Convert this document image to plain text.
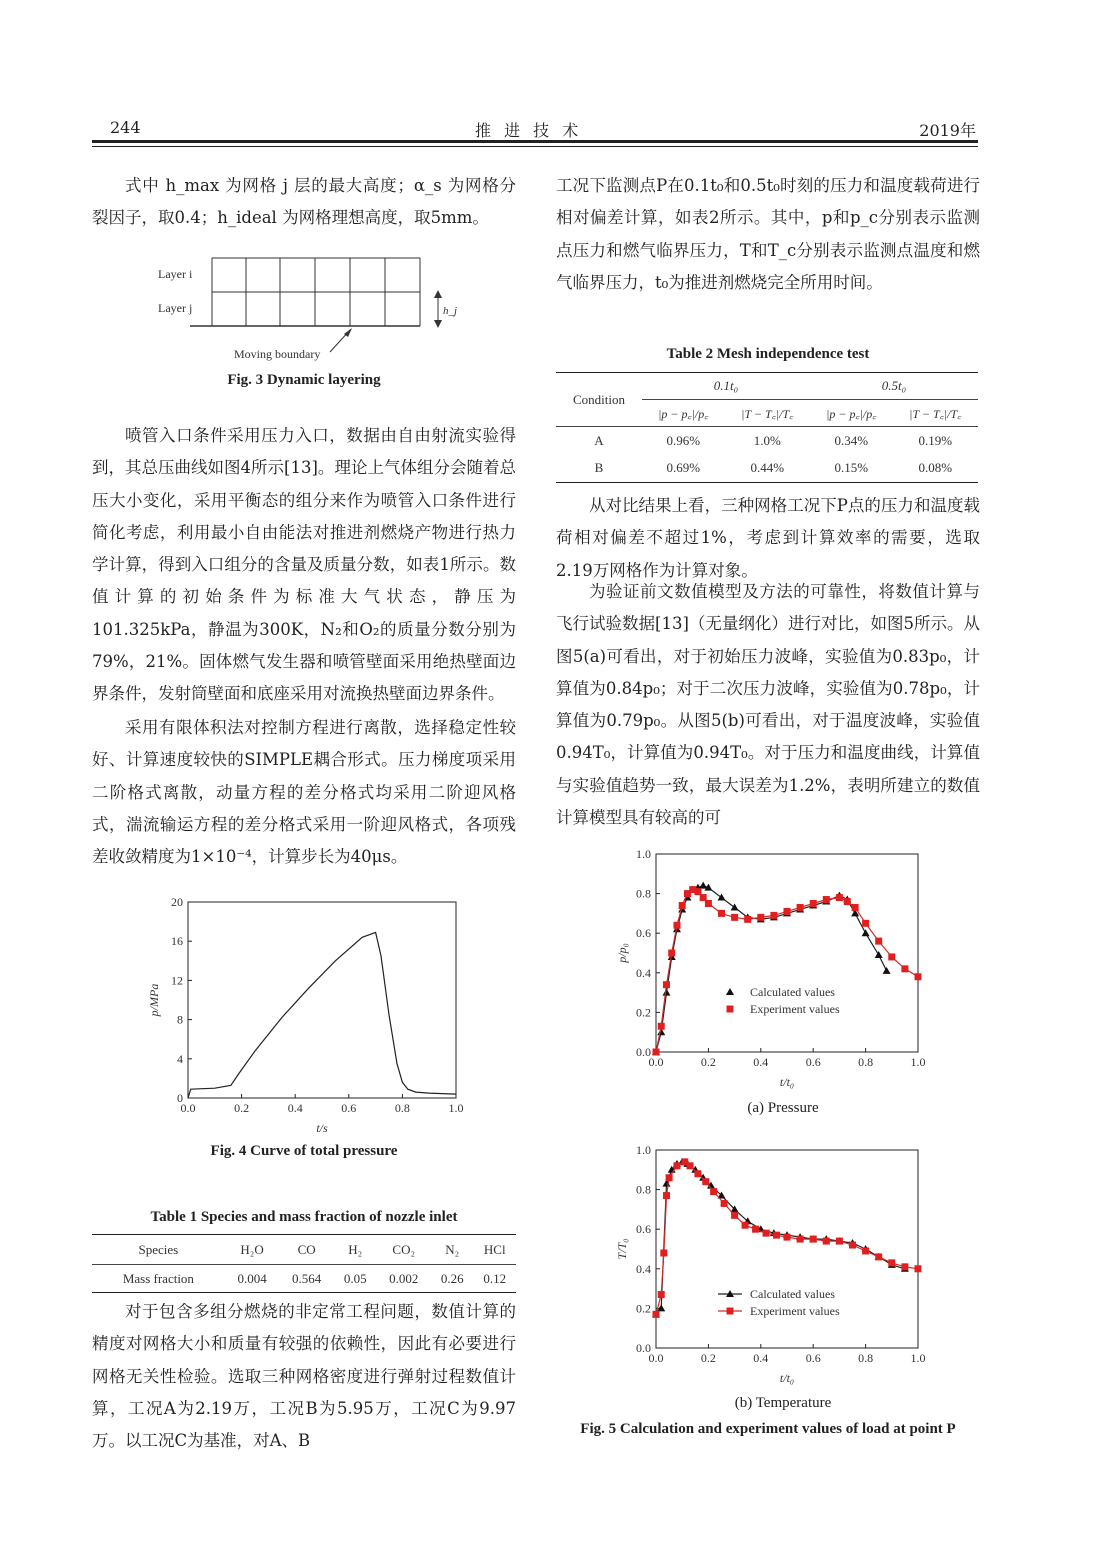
244	推 进 技 术	2019年
式中 h_max 为网格 j 层的最大高度；α_s 为网格分裂因子，取0.4；h_ideal 为网格理想高度，取5mm。
Layer i
Layer j	h_j
Moving boundary
Fig. 3 Dynamic layering
喷管入口条件采用压力入口，数据由自由射流实验得到，其总压曲线如图4所示[13]。理论上气体组分会随着总压大小变化，采用平衡态的组分来作为喷管入口条件进行简化考虑，利用最小自由能法对推进剂燃烧产物进行热力学计算，得到入口组分的含量及质量分数，如表1所示。数值计算的初始条件为标准大气状态，静压为101.325kPa，静温为300K，N₂和O₂的质量分数分别为79%，21%。固体燃气发生器和喷管壁面采用绝热壁面边界条件，发射筒壁面和底座采用对流换热壁面边界条件。
采用有限体积法对控制方程进行离散，选择稳定性较好、计算速度较快的SIMPLE耦合形式。压力梯度项采用二阶格式离散，动量方程的差分格式均采用二阶迎风格式，湍流输运方程的差分格式采用一阶迎风格式，各项残差收敛精度为1×10⁻⁴，计算步长为40μs。
0.0	0.2	0.4	0.6	0.8	1.0
0
4
8
12
16
20
t/s
p/MPa
Fig. 4 Curve of total pressure
Table 1 Species and mass fraction of nozzle inlet
Species	H₂O	CO	H₂	CO₂	N₂	HCl
Mass fraction	0.004	0.564	0.05	0.002	0.26	0.12
对于包含多组分燃烧的非定常工程问题，数值计算的精度对网格大小和质量有较强的依赖性，因此有必要进行网格无关性检验。选取三种网格密度进行弹射过程数值计算，工况A为2.19万，工况B为5.95万，工况C为9.97万。以工况C为基准，对A、B
工况下监测点P在0.1t₀和0.5t₀时刻的压力和温度载荷进行相对偏差计算，如表2所示。其中，p和p_c分别表示监测点压力和燃气临界压力，T和T_c分别表示监测点温度和燃气临界压力，t₀为推进剂燃烧完全所用时间。
Table 2 Mesh independence test
Condition	0.1t₀		0.5t₀	
	|p − p꜀|/p꜀	|T − T꜀|/T꜀	|p − p꜀|/p꜀	|T − T꜀|/T꜀
A	0.96%	1.0%	0.34%	0.19%
B	0.69%	0.44%	0.15%	0.08%
从对比结果上看，三种网格工况下P点的压力和温度载荷相对偏差不超过1%，考虑到计算效率的需要，选取2.19万网格作为计算对象。
为验证前文数值模型及方法的可靠性，将数值计算与飞行试验数据[13]（无量纲化）进行对比，如图5所示。从图5(a)可看出，对于初始压力波峰，实验值为0.83p₀，计算值为0.84p₀；对于二次压力波峰，实验值为0.78p₀，计算值为0.79p₀。从图5(b)可看出，对于温度波峰，实验值0.94T₀，计算值为0.94T₀。对于压力和温度曲线，计算值与实验值趋势一致，最大误差为1.2%，表明所建立的数值计算模型具有较高的可
0.0	0.2	0.4	0.6	0.8	1.0
0.0
0.2
0.4
0.6
0.8
1.0
t/t₀
p/p₀
Calculated values
Experiment values
(a) Pressure
0.0	0.2	0.4	0.6	0.8	1.0
0.0
0.2
0.4
0.6
0.8
1.0
t/t₀
T/T₀
Calculated values
Experiment values
(b) Temperature
Fig. 5 Calculation and experiment values of load at point P
